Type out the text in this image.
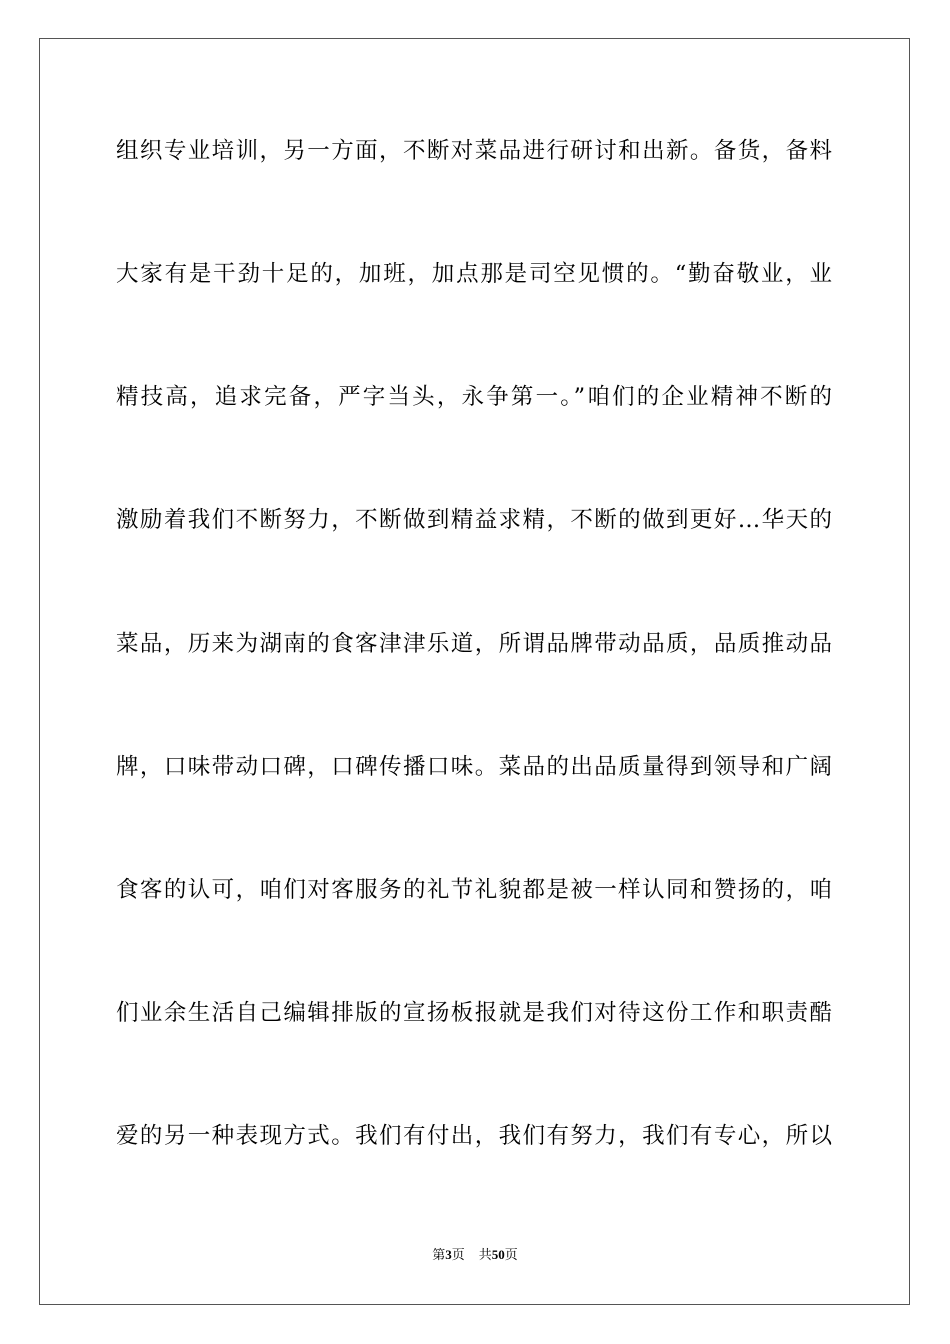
组织专业培训，另一方面，不断对菜品进行研讨和出新。备货，备料
大家有是干劲十足的，加班，加点那是司空见惯的。“勤奋敬业，业
精技高，追求完备，严字当头，永争第一。”咱们的企业精神不断的
激励着我们不断努力，不断做到精益求精，不断的做到更好…华天的
菜品，历来为湖南的食客津津乐道，所谓品牌带动品质，品质推动品
牌，口味带动口碑，口碑传播口味。菜品的出品质量得到领导和广阔
食客的认可，咱们对客服务的礼节礼貌都是被一样认同和赞扬的，咱
们业余生活自己编辑排版的宣扬板报就是我们对待这份工作和职责酷
爱的另一种表现方式。我们有付出，我们有努力，我们有专心，所以
第3页 共50页
